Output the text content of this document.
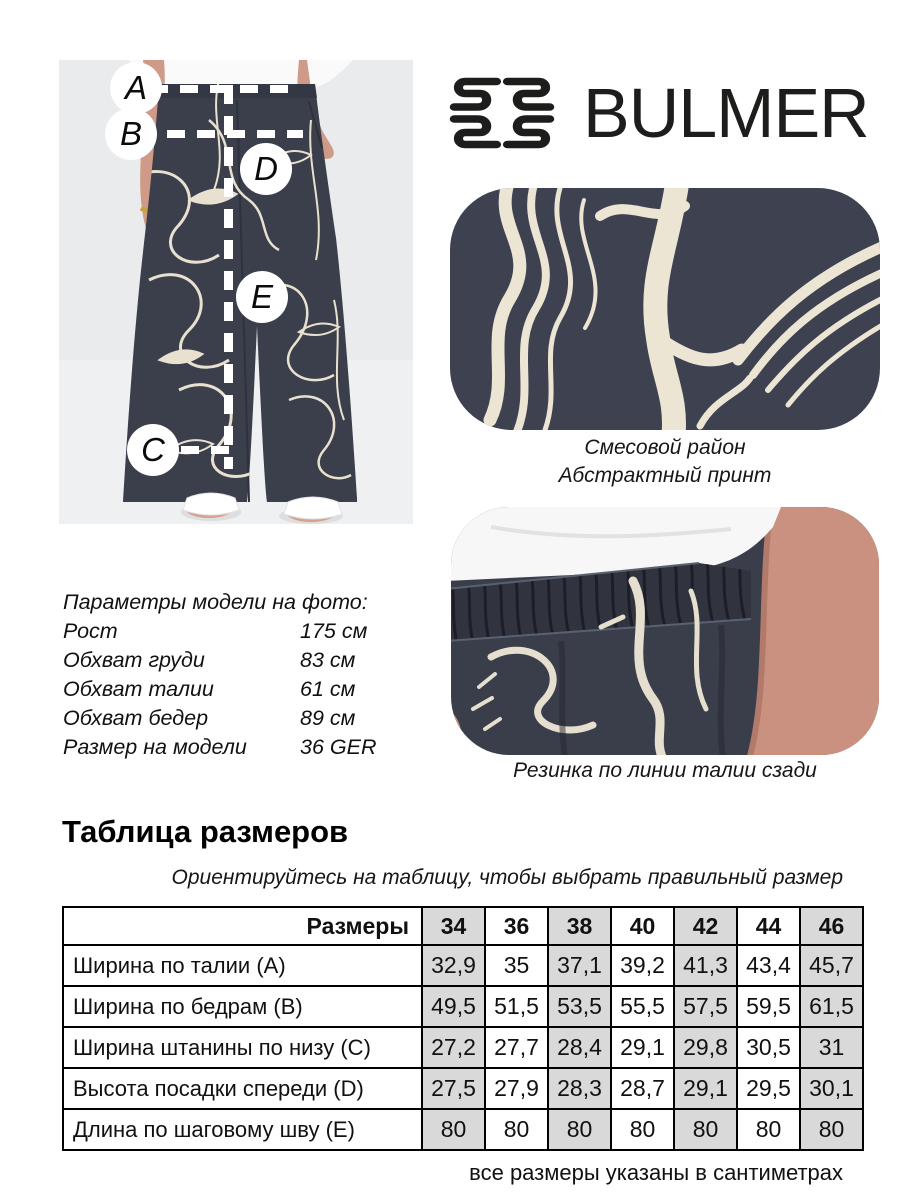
A
B
C
D
E
BULMER
Смесовой район
Абстрактный принт
Резинка по линии талии сзади
Параметры модели на фото:
Рост	175 см
Обхват груди	83 см
Обхват талии	61 см
Обхват бедер	89 см
Размер на модели 36 GER
Таблица размеров
Ориентируйтесь на таблицу, чтобы выбрать правильный размер
Размеры	34	36	38	40	42	44	46
Ширина по талии (A)	32,9	35	37,1	39,2	41,3	43,4	45,7
Ширина по бедрам (B)	49,5	51,5	53,5	55,5	57,5	59,5	61,5
Ширина штанины по низу (C)	27,2	27,7	28,4	29,1	29,8	30,5	31
Высота посадки спереди (D)	27,5	27,9	28,3	28,7	29,1	29,5	30,1
Длина по шаговому шву (E)	80	80	80	80	80	80	80
все размеры указаны в сантиметрах
